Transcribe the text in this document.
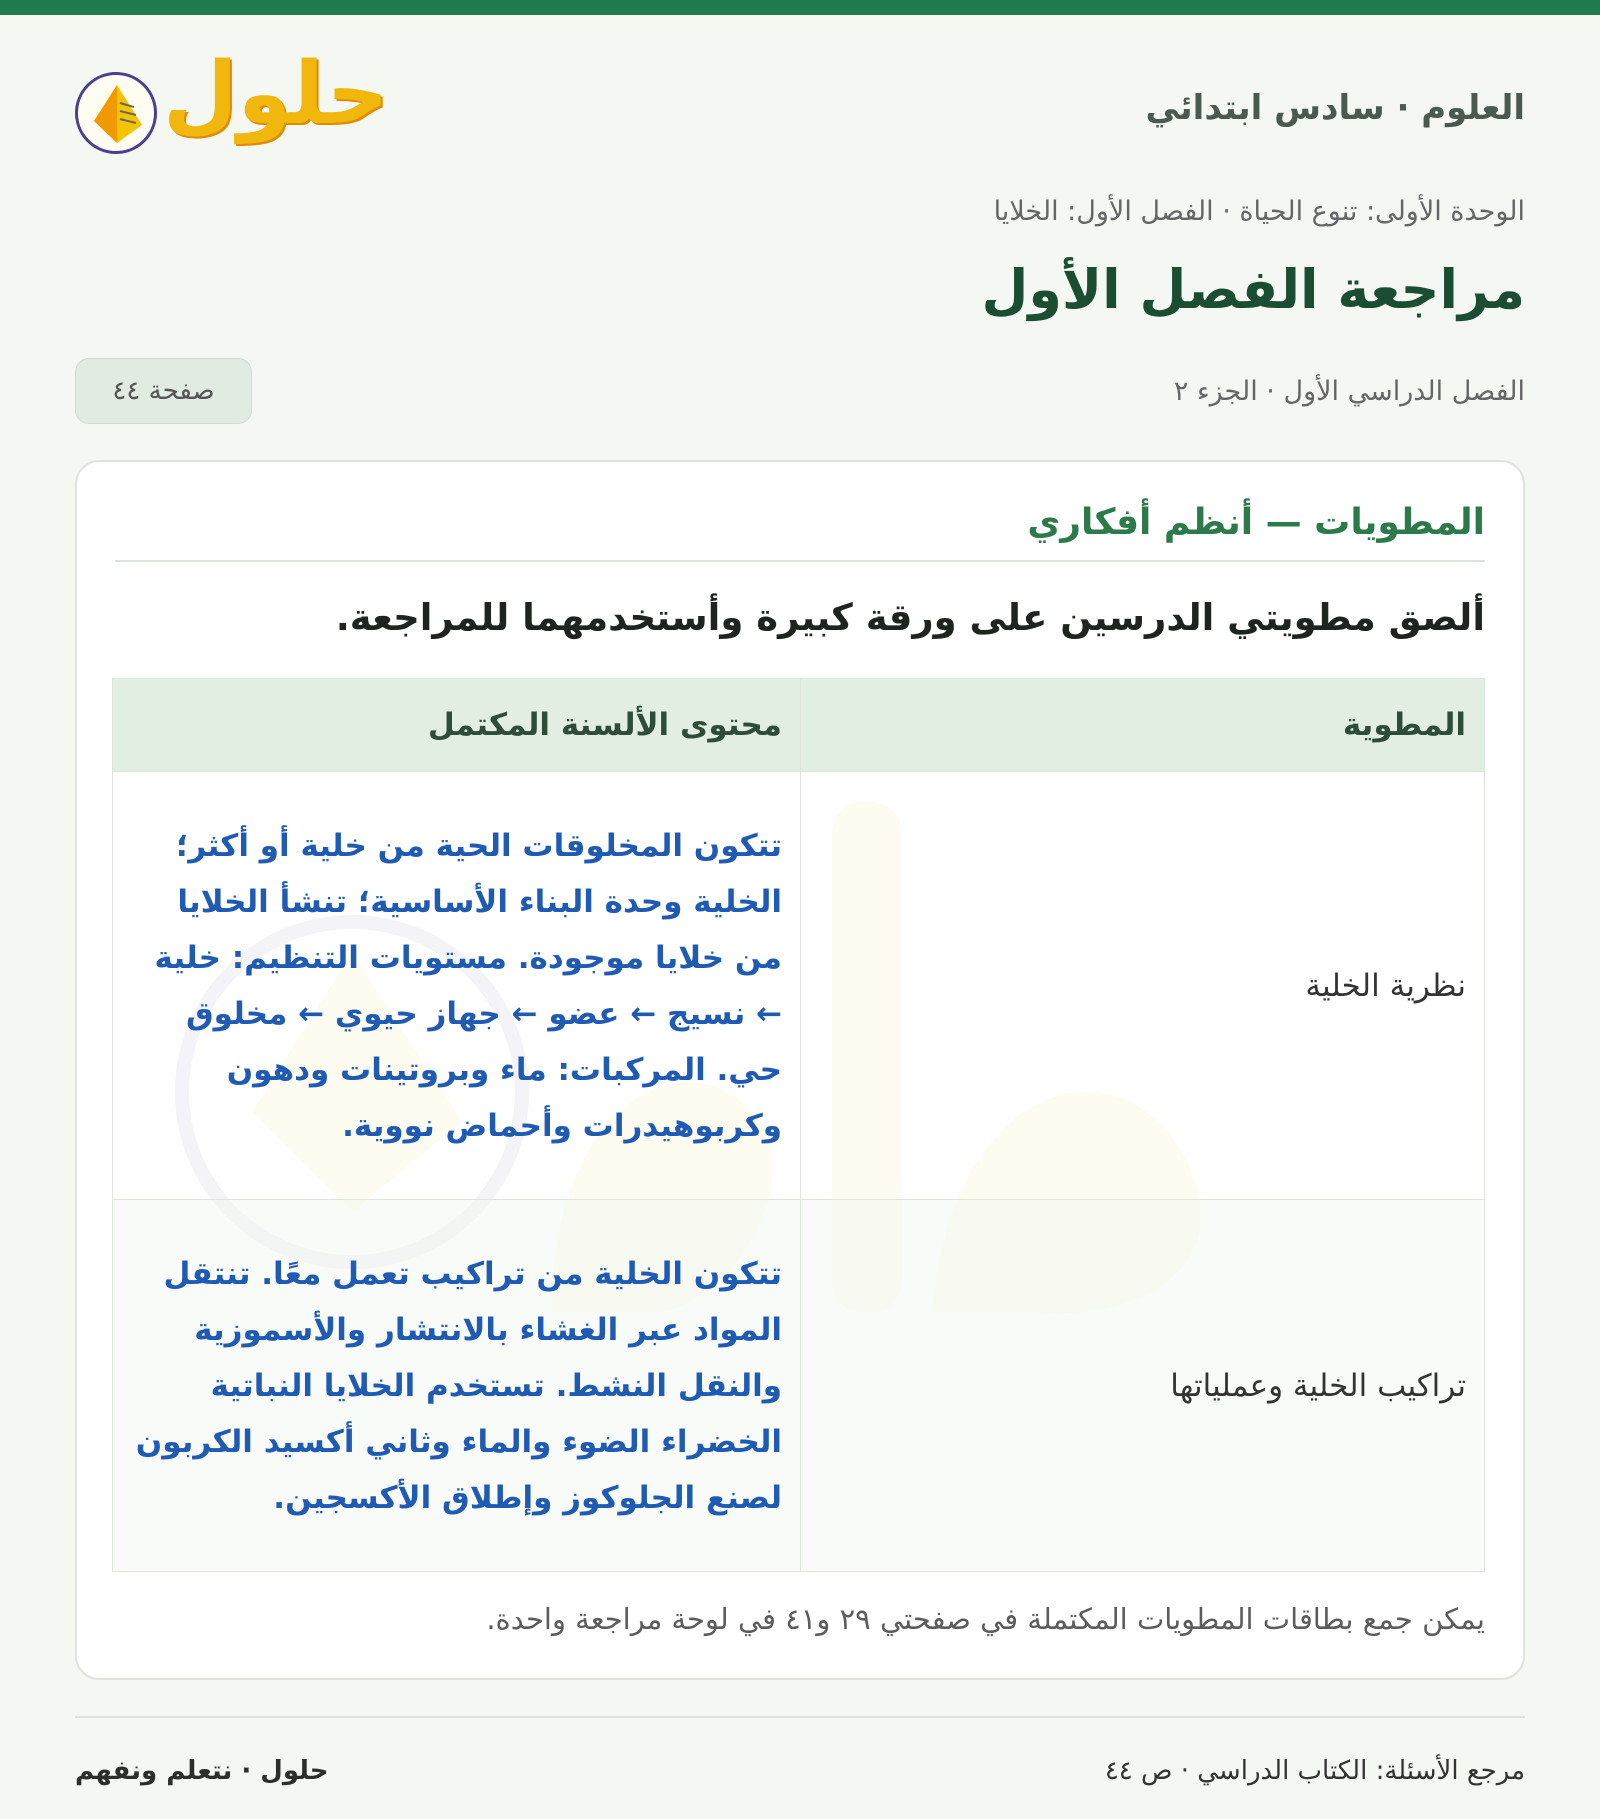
العلوم · سادس ابتدائي
حلول
الوحدة الأولى: تنوع الحياة · الفصل الأول: الخلايا
مراجعة الفصل الأول
الفصل الدراسي الأول · الجزء ٢
صفحة ٤٤
المطويات — أنظم أفكاري
ألصق مطويتي الدرسين على ورقة كبيرة وأستخدمهما للمراجعة.
المطوية	محتوى الألسنة المكتمل
نظرية الخلية	تتكون المخلوقات الحية من خلية أو أكثر؛ الخلية وحدة البناء الأساسية؛ تنشأ الخلايا من خلايا موجودة. مستويات التنظيم: خلية ← نسيج ← عضو ← جهاز حيوي ← مخلوق حي. المركبات: ماء وبروتينات ودهون وكربوهيدرات وأحماض نووية.
تراكيب الخلية وعملياتها	تتكون الخلية من تراكيب تعمل معًا. تنتقل المواد عبر الغشاء بالانتشار والأسموزية والنقل النشط. تستخدم الخلايا النباتية الخضراء الضوء والماء وثاني أكسيد الكربون لصنع الجلوكوز وإطلاق الأكسجين.
يمكن جمع بطاقات المطويات المكتملة في صفحتي ٢٩ و٤١ في لوحة مراجعة واحدة.
مرجع الأسئلة: الكتاب الدراسي · ص ٤٤
حلول · نتعلم ونفهم
